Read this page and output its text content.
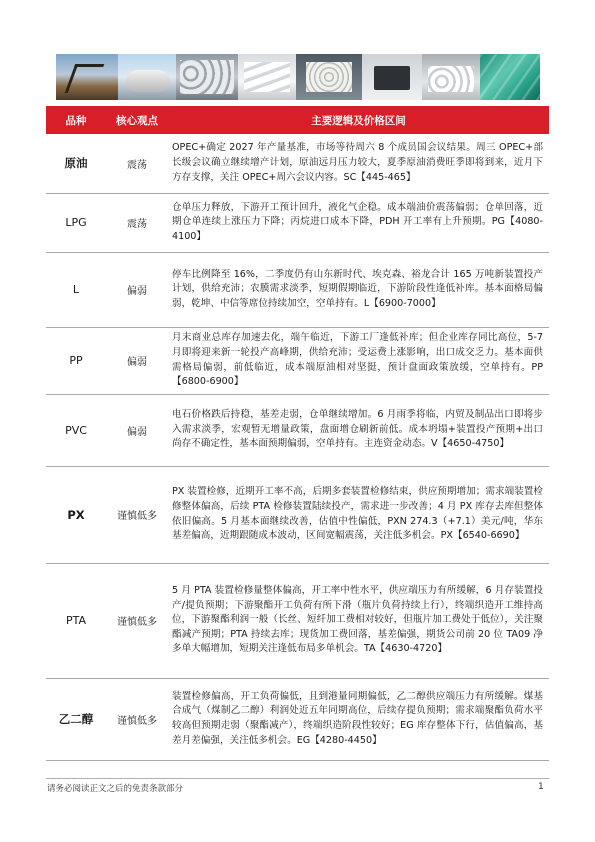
品种	核心观点	主要逻辑及价格区间
原油	震荡	OPEC+确定 2027 年产量基准，市场等待周六 8 个成员国会议结果。周三 OPEC+部长级会议确立继续增产计划，原油远月压力较大，夏季原油消费旺季即将到来，近月下方存支撑，关注 OPEC+周六会议内容。SC【445-465】
LPG	震荡	仓单压力释放，下游开工预计回升，液化气企稳。成本端油价震荡偏弱；仓单回落，近期仓单连续上涨压力下降；丙烷进口成本下降，PDH 开工率有上升预期。PG【4080-4100】
L	偏弱	停车比例降至 16%，二季度仍有山东新时代、埃克森、裕龙合计 165 万吨新装置投产计划，供给充沛；农膜需求淡季，短期假期临近，下游阶段性逢低补库。基本面格局偏弱，乾坤、中信等席位持续加空，空单持有。L【6900-7000】
PP	偏弱	月末商业总库存加速去化，端午临近，下游工厂逢低补库；但企业库存同比高位，5-7 月即将迎来新一轮投产高峰期，供给充沛；受运费上涨影响，出口成交乏力。基本面供需格局偏弱，前低临近，成本端原油相对坚挺，预计盘面政策放缓，空单持有。PP【6800-6900】
PVC	偏弱	电石价格跌后持稳，基差走弱，仓单继续增加。6 月雨季将临，内贸及制品出口即将步入需求淡季，宏观暂无增量政策，盘面增仓刷新前低。成本坍塌+装置投产预期+出口尚存不确定性，基本面预期偏弱，空单持有。主连资金动态。V【4650-4750】
PX	谨慎低多	PX 装置检修，近期开工率不高，后期多套装置检修结束，供应预期增加；需求端装置检修整体偏高，后续 PTA 检修装置陆续投产，需求进一步改善；4 月 PX 库存去库但整体依旧偏高。5 月基本面继续改善，估值中性偏低，PXN 274.3（+7.1）美元/吨，华东基差偏高，近期跟随成本波动，区间宽幅震荡，关注低多机会。PX【6540-6690】
PTA	谨慎低多	5 月 PTA 装置检修量整体偏高，开工率中性水平，供应端压力有所缓解，6 月存装置投产/提负预期；下游聚酯开工负荷有所下滑（瓶片负荷持续上行），终端织造开工维持高位，下游聚酯利润一般（长丝、短纤加工费相对较好，但瓶片加工费处于低位），关注聚酯减产预期；PTA 持续去库；现货加工费回落，基差偏强，期货公司前 20 位 TA09 净多单大幅增加，短期关注逢低布局多单机会。TA【4630-4720】
乙二醇	谨慎低多	装置检修偏高，开工负荷偏低，且到港量同期偏低，乙二醇供应端压力有所缓解。煤基合成气（煤制乙二醇）利润处近五年同期高位，后续存提负预期；需求端聚酯负荷水平较高但预期走弱（聚酯减产），终端织造阶段性较好；EG 库存整体下行，估值偏高，基差月差偏强，关注低多机会。EG【4280-4450】
请务必阅读正文之后的免责条款部分	1
